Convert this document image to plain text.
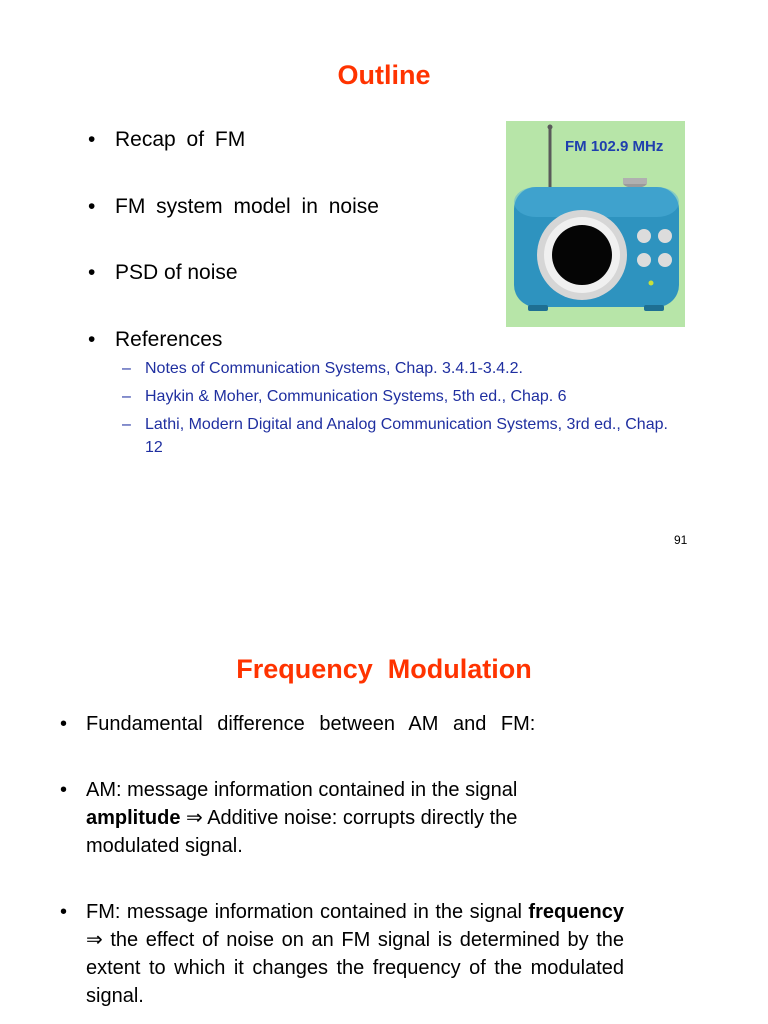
Outline
• Recap of FM
• FM system model in noise
• PSD of noise
• References
– Notes of Communication Systems, Chap. 3.4.1-3.4.2.
– Haykin & Moher, Communication Systems, 5th ed., Chap. 6
– Lathi, Modern Digital and Analog Communication Systems, 3rd ed., Chap. 12
91
FM 102.9 MHz
Frequency  Modulation
• Fundamental difference between AM and FM:
• AM: message information contained in the signal amplitude ⇒ Additive noise: corrupts directly the modulated signal.
• FM: message information contained in the signal frequency ⇒ the effect of noise on an FM signal is determined by the extent to which it changes the frequency of the modulated signal.
